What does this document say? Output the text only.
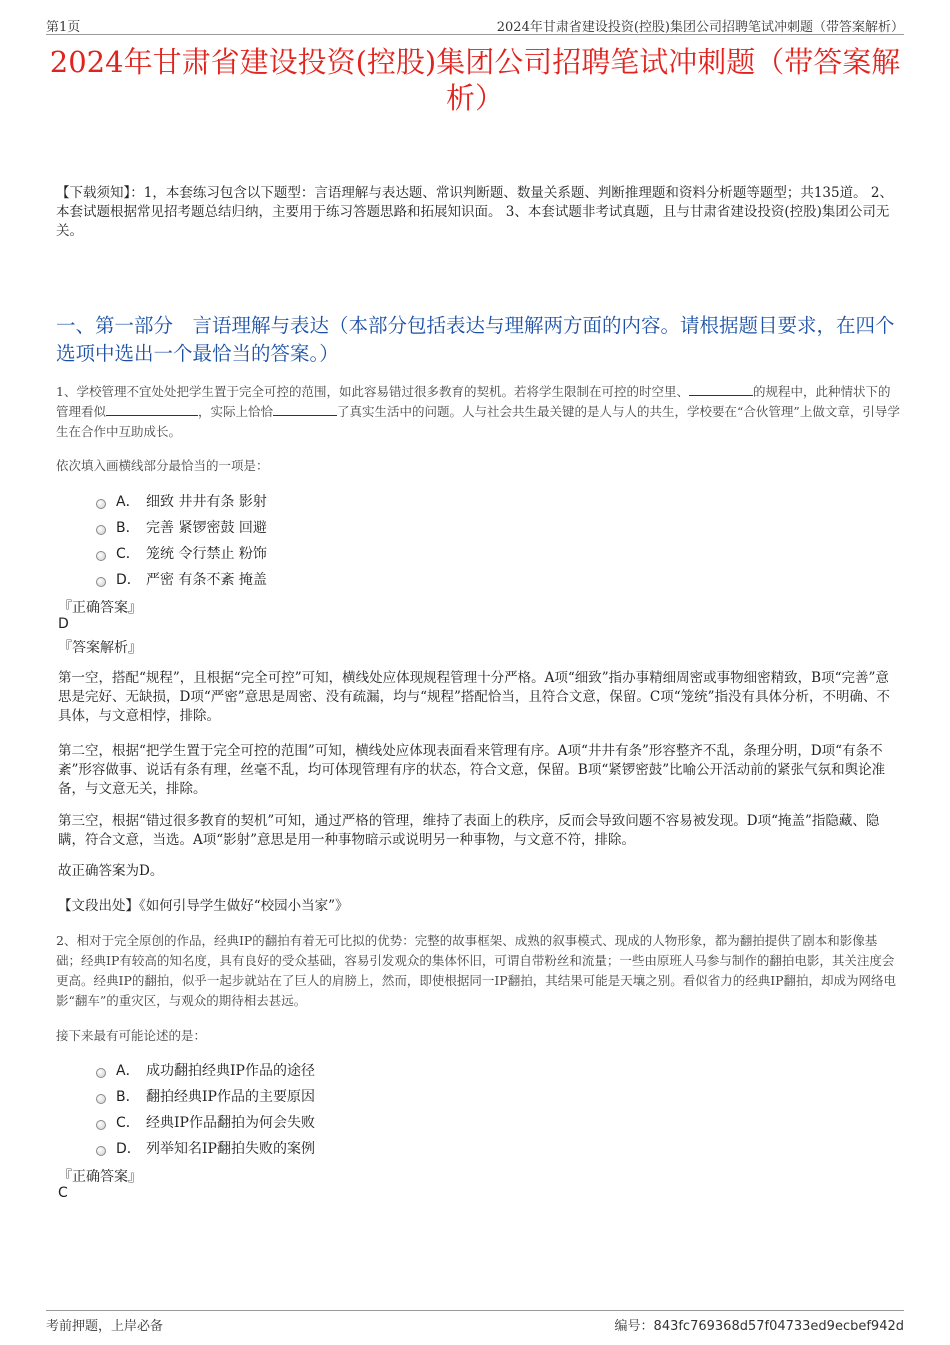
第1页	2024年甘肃省建设投资(控股)集团公司招聘笔试冲刺题（带答案解析）
2024年甘肃省建设投资(控股)集团公司招聘笔试冲刺题（带答案解析）
【下载须知】：1，本套练习包含以下题型：言语理解与表达题、常识判断题、数量关系题、判断推理题和资料分析题等题型；共135道。 2、本套试题根据常见招考题总结归纳，主要用于练习答题思路和拓展知识面。 3、本套试题非考试真题，且与甘肃省建设投资(控股)集团公司无关。
一、第一部分　言语理解与表达（本部分包括表达与理解两方面的内容。请根据题目要求，在四个选项中选出一个最恰当的答案。）
1、学校管理不宜处处把学生置于完全可控的范围，如此容易错过很多教育的契机。若将学生限制在可控的时空里、	的规程中，此种情状下的管理看似	，实际上恰恰	了真实生活中的问题。人与社会共生最关键的是人与人的共生，学校要在“合伙管理”上做文章，引导学生在合作中互助成长。
依次填入画横线部分最恰当的一项是：
A． 细致 井井有条 影射
B． 完善 紧锣密鼓 回避
C． 笼统 令行禁止 粉饰
D． 严密 有条不紊 掩盖
『正确答案』
D
『答案解析』
第一空，搭配“规程”，且根据“完全可控”可知，横线处应体现规程管理十分严格。A项“细致”指办事精细周密或事物细密精致，B项“完善”意思是完好、无缺损，D项“严密”意思是周密、没有疏漏，均与“规程”搭配恰当，且符合文意，保留。C项“笼统”指没有具体分析，不明确、不具体，与文意相悖，排除。
第二空，根据“把学生置于完全可控的范围”可知，横线处应体现表面看来管理有序。A项“井井有条”形容整齐不乱，条理分明，D项“有条不紊”形容做事、说话有条有理，丝毫不乱，均可体现管理有序的状态，符合文意，保留。B项“紧锣密鼓”比喻公开活动前的紧张气氛和舆论准备，与文意无关，排除。
第三空，根据“错过很多教育的契机”可知，通过严格的管理，维持了表面上的秩序，反而会导致问题不容易被发现。D项“掩盖”指隐藏、隐瞒，符合文意，当选。A项“影射”意思是用一种事物暗示或说明另一种事物，与文意不符，排除。
故正确答案为D。
【文段出处】《如何引导学生做好“校园小当家”》
2、相对于完全原创的作品，经典IP的翻拍有着无可比拟的优势：完整的故事框架、成熟的叙事模式、现成的人物形象，都为翻拍提供了剧本和影像基础；经典IP有较高的知名度，具有良好的受众基础，容易引发观众的集体怀旧，可谓自带粉丝和流量；一些由原班人马参与制作的翻拍电影，其关注度会更高。经典IP的翻拍，似乎一起步就站在了巨人的肩膀上，然而，即使根据同一IP翻拍，其结果可能是天壤之别。看似省力的经典IP翻拍，却成为网络电影“翻车”的重灾区，与观众的期待相去甚远。
接下来最有可能论述的是：
A． 成功翻拍经典IP作品的途径
B． 翻拍经典IP作品的主要原因
C． 经典IP作品翻拍为何会失败
D． 列举知名IP翻拍失败的案例
『正确答案』
C
考前押题，上岸必备	编号：843fc769368d57f04733ed9ecbef942d
